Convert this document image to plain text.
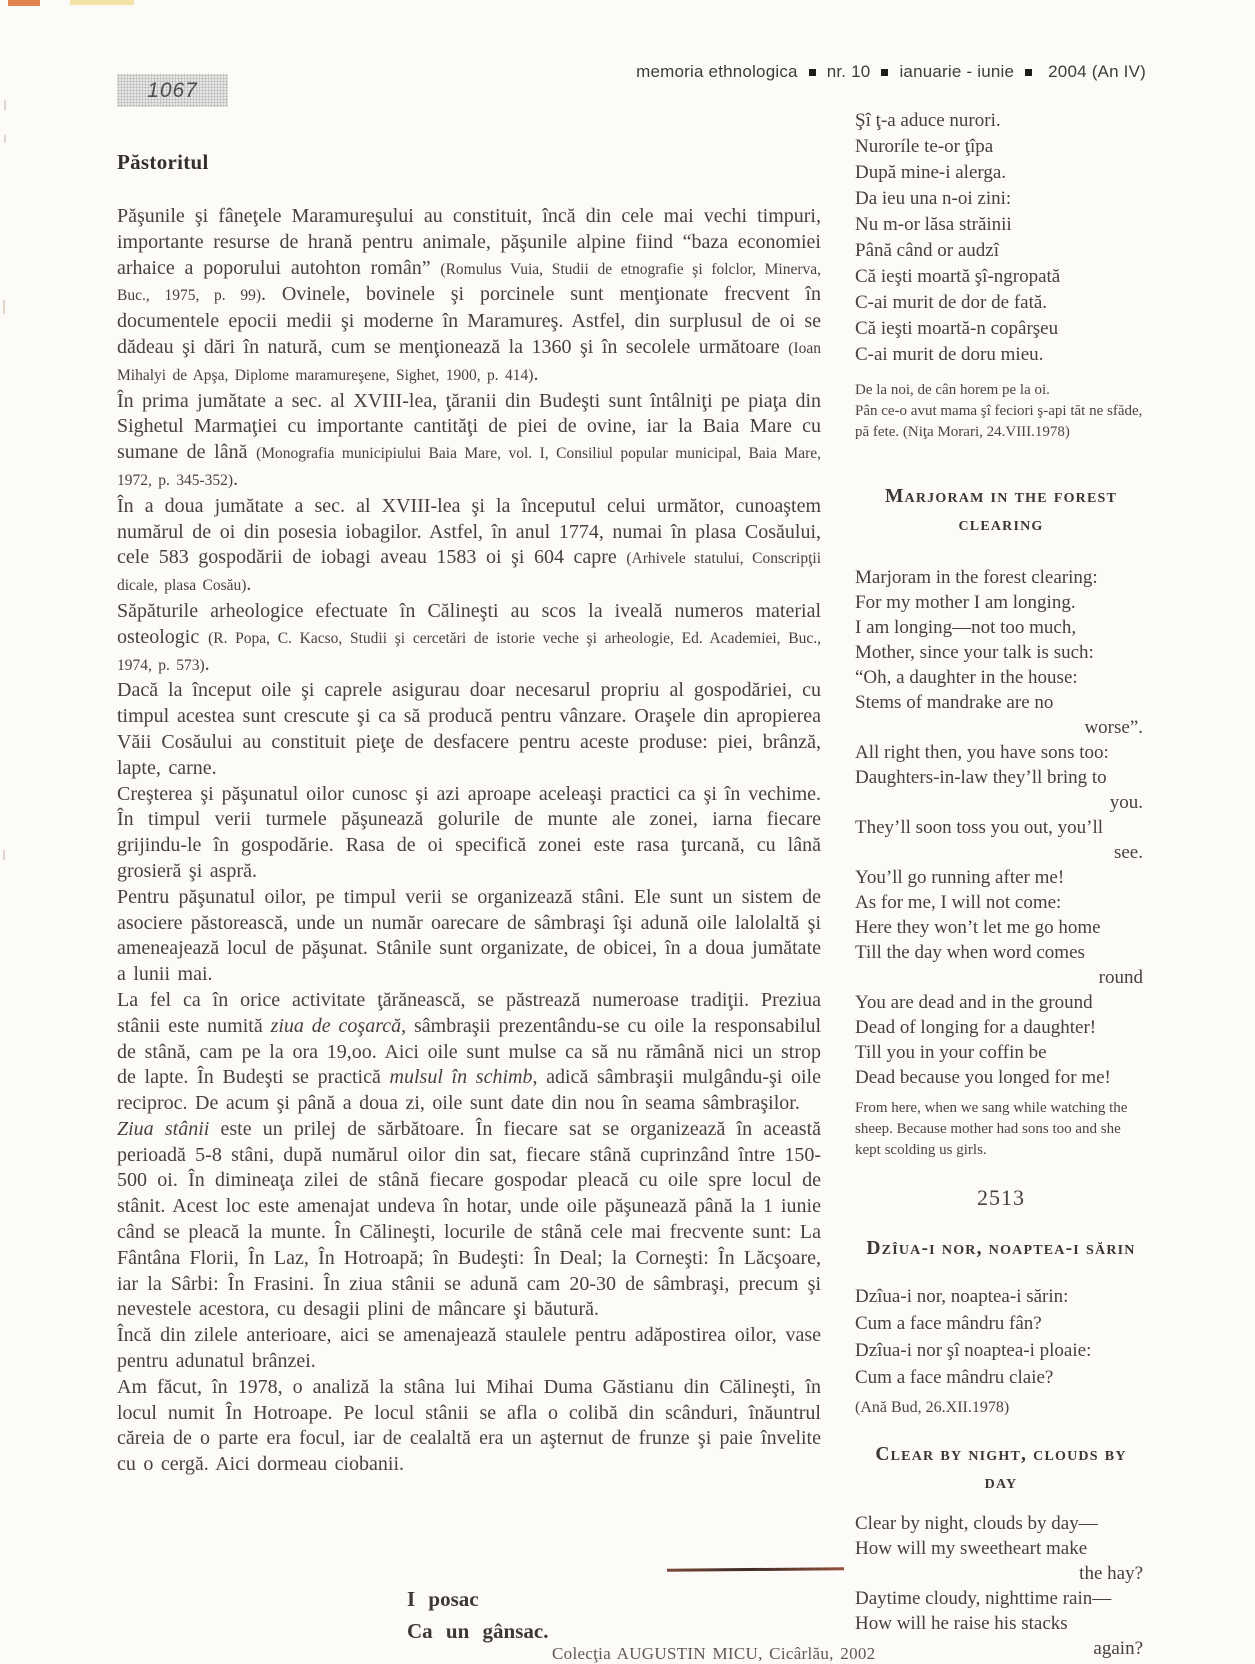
1067
memoria ethnologica nr. 10 ianuarie - iunie 2004 (An IV)
Păstoritul

Păşunile şi fâneţele Maramureşului au constituit, încă din cele mai vechi timpuri, importante resurse de hrană pentru animale, păşunile alpine fiind “baza economiei arhaice a poporului autohton român” (Romulus Vuia, Studii de etnografie şi folclor, Minerva, Buc., 1975, p. 99). Ovinele, bovinele şi porcinele sunt menţionate frecvent în documentele epocii medii şi moderne în Maramureş. Astfel, din surplusul de oi se dădeau şi dări în natură, cum se menţionează la 1360 şi în secolele următoare (Ioan Mihalyi de Apşa, Diplome maramureşene, Sighet, 1900, p. 414).

În prima jumătate a sec. al XVIII-lea, ţăranii din Budeşti sunt întâlniţi pe piaţa din Sighetul Marmaţiei cu importante cantităţi de piei de ovine, iar la Baia Mare cu sumane de lână (Monografia municipiului Baia Mare, vol. I, Consiliul popular municipal, Baia Mare, 1972, p. 345-352).

În a doua jumătate a sec. al XVIII-lea şi la începutul celui următor, cunoaştem numărul de oi din posesia iobagilor. Astfel, în anul 1774, numai în plasa Cosăului, cele 583 gospodării de iobagi aveau 1583 oi şi 604 capre (Arhivele statului, Conscripţii dicale, plasa Cosău).

Săpăturile arheologice efectuate în Călineşti au scos la iveală numeros material osteologic (R. Popa, C. Kacso, Studii şi cercetări de istorie veche şi arheologie, Ed. Academiei, Buc., 1974, p. 573).

Dacă la început oile şi caprele asigurau doar necesarul propriu al gospodăriei, cu timpul acestea sunt crescute şi ca să producă pentru vânzare. Oraşele din apropierea Văii Cosăului au constituit pieţe de desfacere pentru aceste produse: piei, brânză, lapte, carne.

Creşterea şi păşunatul oilor cunosc şi azi aproape aceleaşi practici ca şi în vechime. În timpul verii turmele păşunează golurile de munte ale zonei, iarna fiecare grijindu-le în gospodărie. Rasa de oi specifică zonei este rasa ţurcană, cu lână grosieră şi aspră.

Pentru păşunatul oilor, pe timpul verii se organizează stâni. Ele sunt un sistem de asociere păstorească, unde un număr oarecare de sâmbraşi îşi adună oile lalolaltă şi ameneajează locul de păşunat. Stânile sunt organizate, de obicei, în a doua jumătate a lunii mai.

La fel ca în orice activitate ţărănească, se păstrează numeroase tradiţii. Preziua stânii este numită ziua de coşarcă, sâmbraşii prezentându-se cu oile la responsabilul de stână, cam pe la ora 19,oo. Aici oile sunt mulse ca să nu rămână nici un strop de lapte. În Budeşti se practică mulsul în schimb, adică sâmbraşii mulgându-şi oile reciproc. De acum şi până a doua zi, oile sunt date din nou în seama sâmbraşilor.

Ziua stânii este un prilej de sărbătoare. În fiecare sat se organizează în această perioadă 5-8 stâni, după numărul oilor din sat, fiecare stână cuprinzând între 150-500 oi. În dimineaţa zilei de stână fiecare gospodar pleacă cu oile spre locul de stânit. Acest loc este amenajat undeva în hotar, unde oile păşunează până la 1 iunie când se pleacă la munte. În Călineşti, locurile de stână cele mai frecvente sunt: La Fântâna Florii, În Laz, În Hotroapă; în Budeşti: În Deal; la Corneşti: În Lăcşoare, iar la Sârbi: În Frasini. În ziua stânii se adună cam 20-30 de sâmbraşi, precum şi nevestele acestora, cu desagii plini de mâncare şi băutură.

Încă din zilele anterioare, aici se amenajează staulele pentru adăpostirea oilor, vase pentru adunatul brânzei.

Am făcut, în 1978, o analiză la stâna lui Mihai Duma Găstianu din Călineşti, în locul numit În Hotroape. Pe locul stânii se afla o colibă din scânduri, înăuntrul căreia de o parte era focul, iar de cealaltă era un aşternut de frunze şi paie învelite cu o cergă. Aici dormeau ciobanii.

I posac
Ca un gânsac.
Colecţia AUGUSTIN MICU, Cicârlău, 2002
Şî ţ-a aduce nurori.
Nuroríle te-or ţîpa
După mine-i alerga.
Da ieu una n-oi zini:
Nu m-or lăsa străinii
Până când or audzî
Că ieşti moartă şî-ngropată
C-ai murit de dor de fată.
Că ieşti moartă-n copârşeu
C-ai murit de doru mieu.
De la noi, de cân horem pe la oi.
Pân ce-o avut mama şî feciori ş-api tăt ne sfăde,
pă fete. (Niţa Morari, 24.VIII.1978)
Marjoram in the forest
clearing
Marjoram in the forest clearing:
For my mother I am longing.
I am longing—not too much,
Mother, since your talk is such:
“Oh, a daughter in the house:
Stems of mandrake are no
worse”.
All right then, you have sons too:
Daughters-in-law they’ll bring to
you.
They’ll soon toss you out, you’ll
see.
You’ll go running after me!
As for me, I will not come:
Here they won’t let me go home
Till the day when word comes
round
You are dead and in the ground
Dead of longing for a daughter!
Till you in your coffin be
Dead because you longed for me!
From here, when we sang while watching the
sheep. Because mother had sons too and she
kept scolding us girls.
2513
Dzîua-i nor, noaptea-i sărin
Dzîua-i nor, noaptea-i sărin:
Cum a face mândru fân?
Dzîua-i nor şî noaptea-i ploaie:
Cum a face mândru claie?
(Ană Bud, 26.XII.1978)
Clear by night, clouds by
day
Clear by night, clouds by day—
How will my sweetheart make
the hay?
Daytime cloudy, nighttime rain—
How will he raise his stacks
again?
